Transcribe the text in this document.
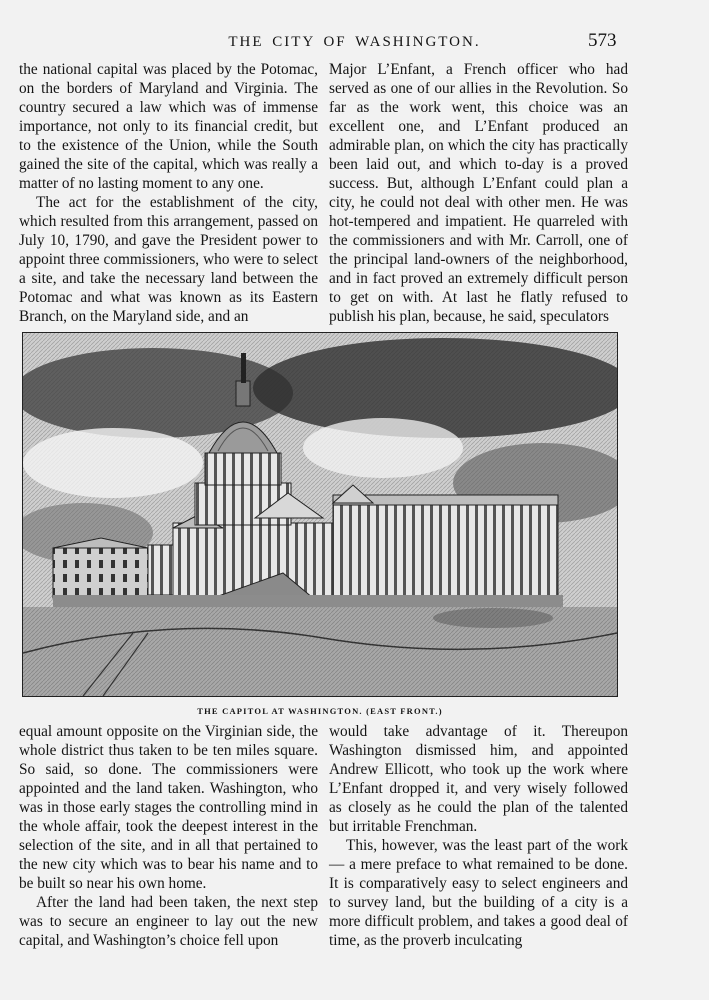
THE CITY OF WASHINGTON.	573

the national capital was placed by the Potomac, on the borders of Maryland and Virginia. The country secured a law which was of immense importance, not only to its financial credit, but to the existence of the Union, while the South gained the site of the capital, which was really a matter of no lasting moment to any one.

The act for the establishment of the city, which resulted from this arrangement, passed on July 10, 1790, and gave the President power to appoint three commissioners, who were to select a site, and take the necessary land between the Potomac and what was known as its Eastern Branch, on the Maryland side, and an

Major L’Enfant, a French officer who had served as one of our allies in the Revolution. So far as the work went, this choice was an excellent one, and L’Enfant produced an admirable plan, on which the city has practically been laid out, and which to-day is a proved success. But, although L’Enfant could plan a city, he could not deal with other men. He was hot-tempered and impatient. He quarreled with the commissioners and with Mr. Carroll, one of the principal land-owners of the neighborhood, and in fact proved an extremely difficult person to get on with. At last he flatly refused to publish his plan, because, he said, speculators

THE CAPITOL AT WASHINGTON. (EAST FRONT.)

equal amount opposite on the Virginian side, the whole district thus taken to be ten miles square. So said, so done. The commissioners were appointed and the land taken. Washington, who was in those early stages the controlling mind in the whole affair, took the deepest interest in the selection of the site, and in all that pertained to the new city which was to bear his name and to be built so near his own home.

After the land had been taken, the next step was to secure an engineer to lay out the new capital, and Washington’s choice fell upon

would take advantage of it. Thereupon Washington dismissed him, and appointed Andrew Ellicott, who took up the work where L’Enfant dropped it, and very wisely followed as closely as he could the plan of the talented but irritable Frenchman.

This, however, was the least part of the work — a mere preface to what remained to be done. It is comparatively easy to select engineers and to survey land, but the building of a city is a more difficult problem, and takes a good deal of time, as the proverb inculcating
